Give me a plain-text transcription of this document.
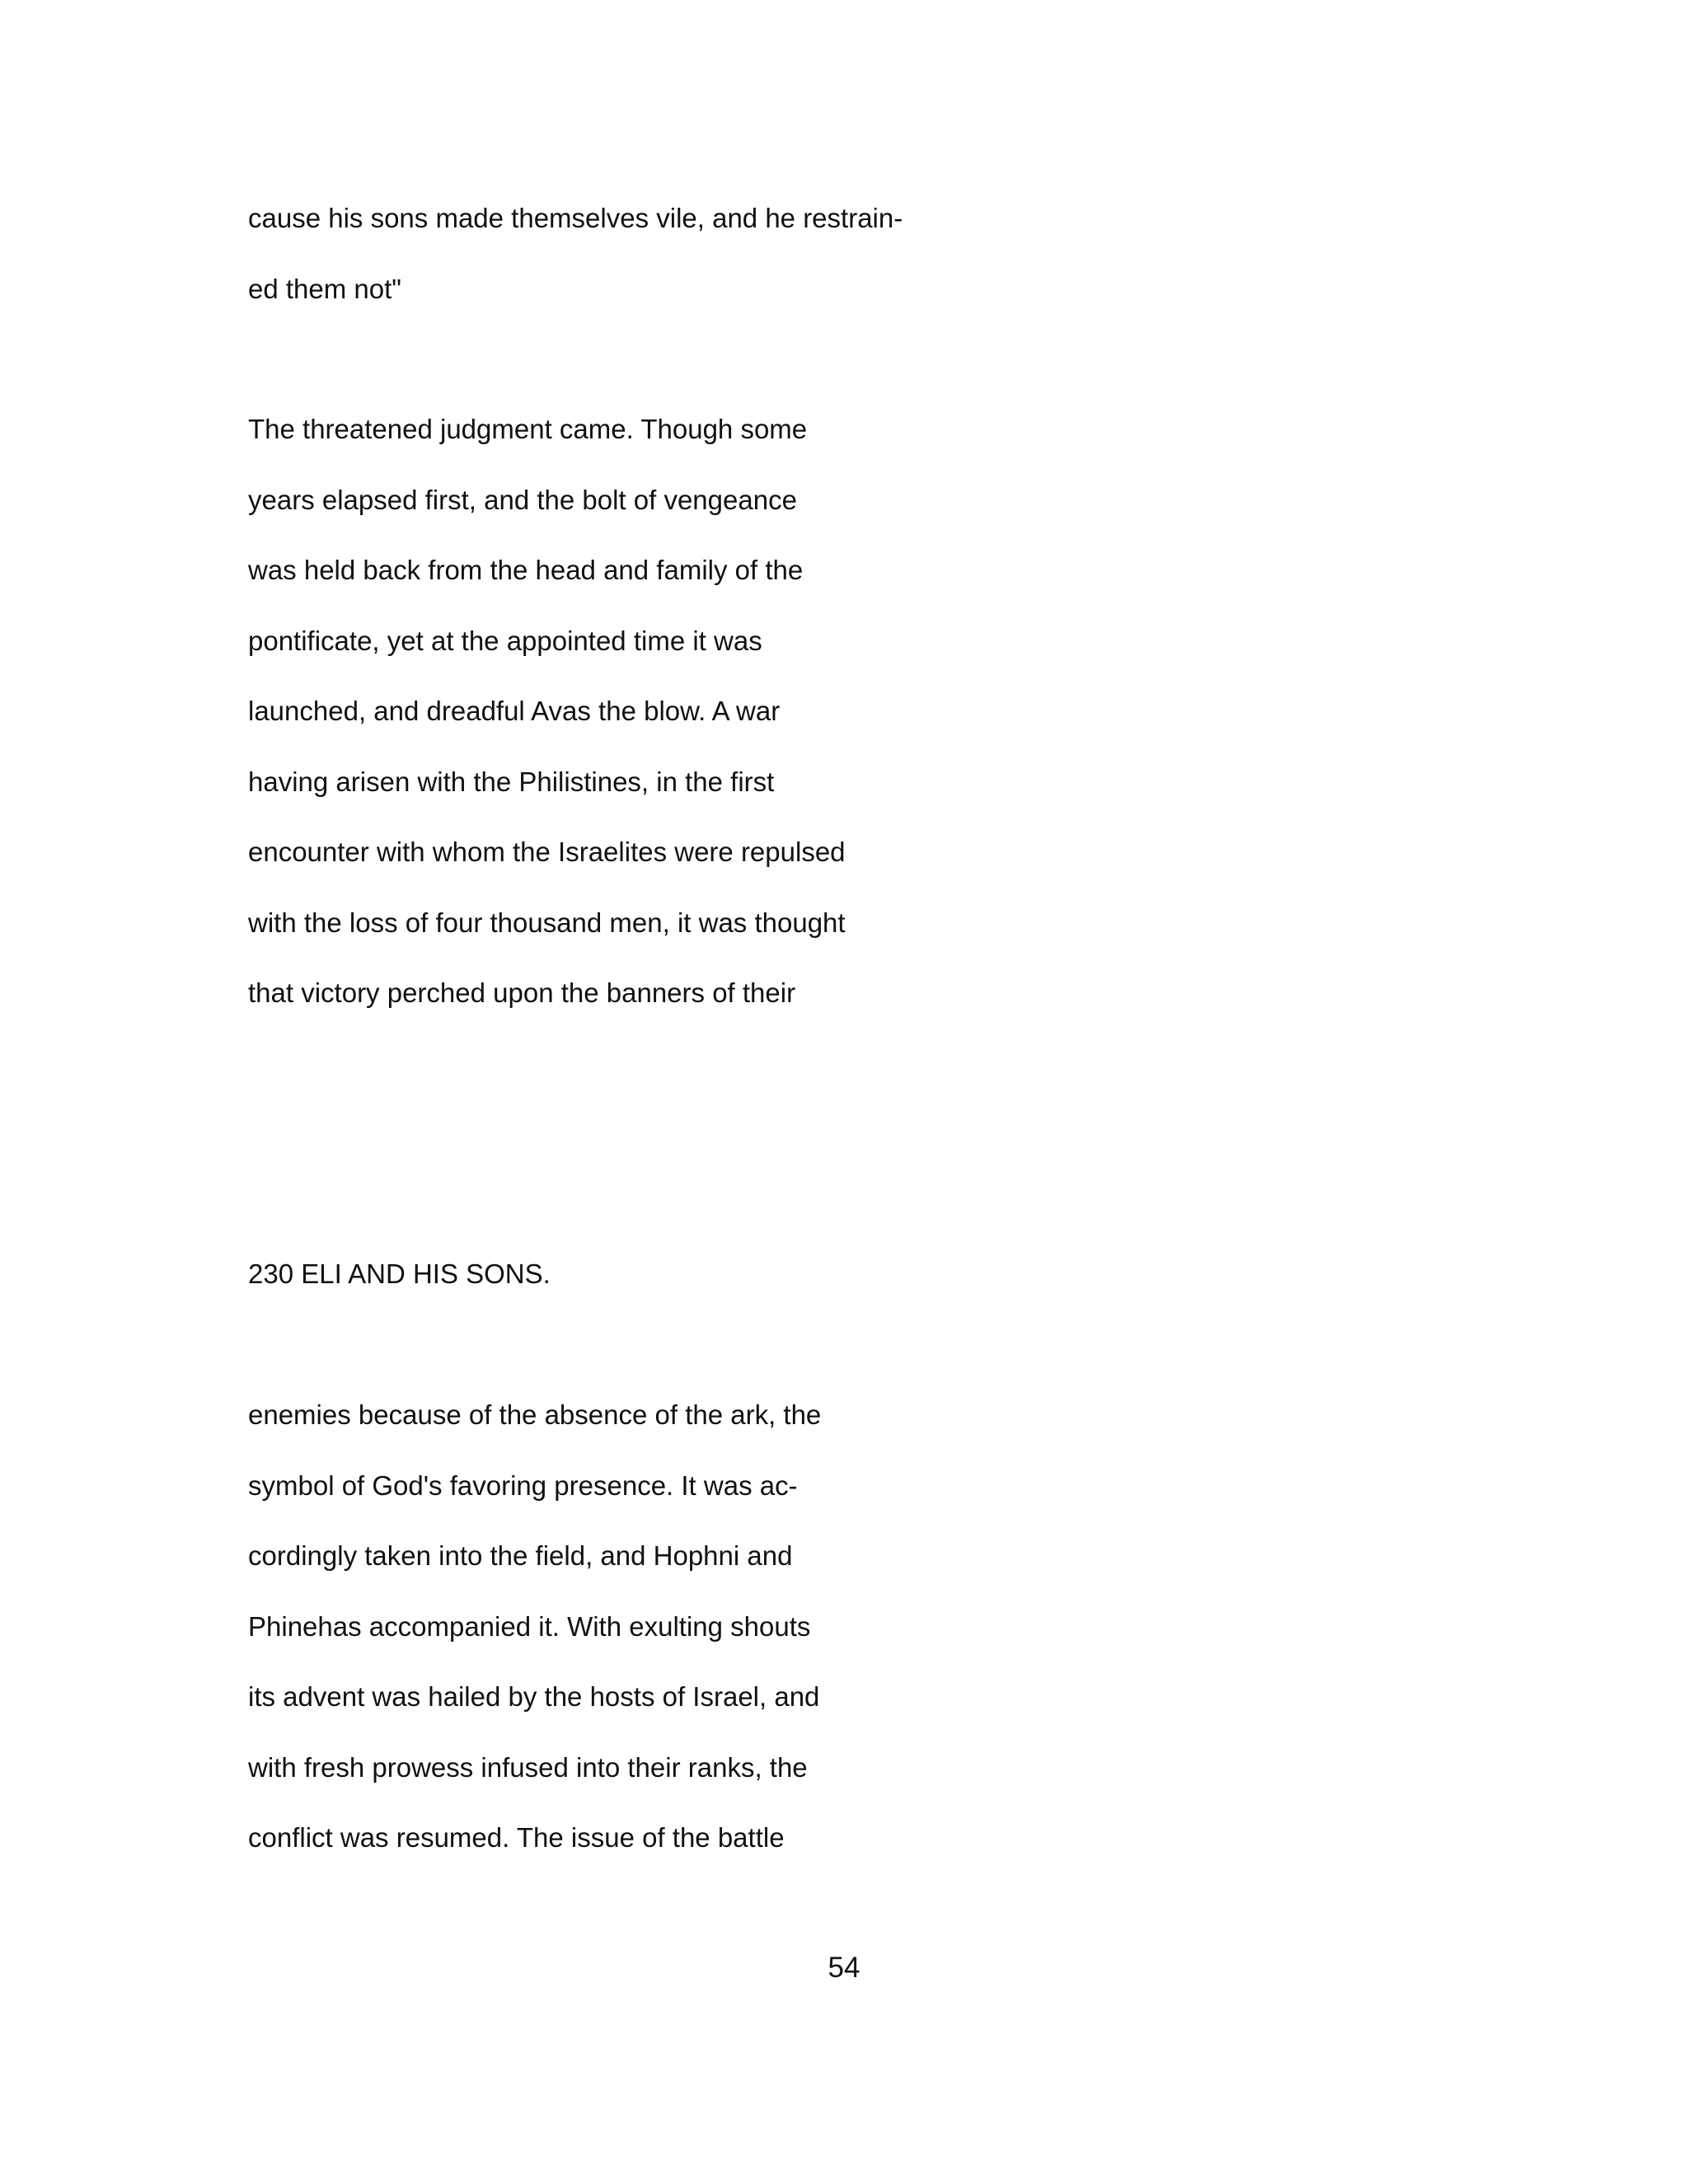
cause his sons made themselves vile, and he restrain-
ed them not"
The threatened judgment came. Though some
years elapsed first, and the bolt of vengeance
was held back from the head and family of the
pontificate, yet at the appointed time it was
launched, and dreadful Avas the blow. A war
having arisen with the Philistines, in the first
encounter with whom the Israelites were repulsed
with the loss of four thousand men, it was thought
that victory perched upon the banners of their
230 ELI AND HIS SONS.
enemies because of the absence of the ark, the
symbol of God's favoring presence. It was ac-
cordingly taken into the field, and Hophni and
Phinehas accompanied it. With exulting shouts
its advent was hailed by the hosts of Israel, and
with fresh prowess infused into their ranks, the
conflict was resumed. The issue of the battle
54
